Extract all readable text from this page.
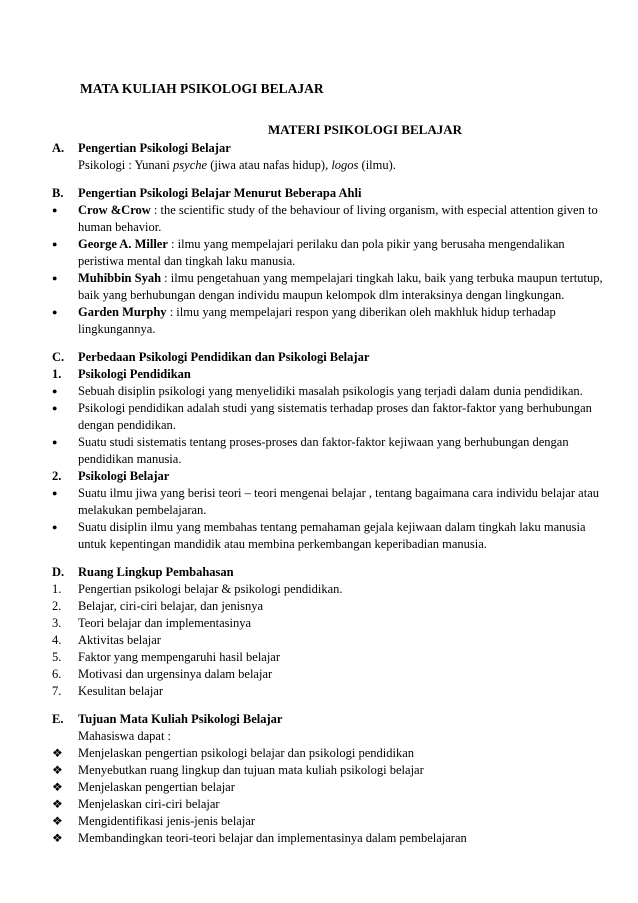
MATA KULIAH PSIKOLOGI BELAJAR
MATERI PSIKOLOGI BELAJAR
A.	Pengertian Psikologi Belajar
Psikologi : Yunani psyche (jiwa atau nafas hidup), logos (ilmu).
B.	Pengertian Psikologi Belajar Menurut Beberapa Ahli
●	Crow &Crow : the scientific study of the behaviour of living organism, with especial attention given to human behavior.
●	George A. Miller : ilmu yang mempelajari perilaku dan pola pikir yang berusaha mengendalikan peristiwa mental dan tingkah laku manusia.
●	Muhibbin Syah : ilmu pengetahuan yang mempelajari tingkah laku, baik yang terbuka maupun tertutup, baik yang berhubungan dengan individu maupun kelompok dlm interaksinya dengan lingkungan.
●	Garden Murphy : ilmu yang mempelajari respon yang diberikan oleh makhluk hidup terhadap lingkungannya.
C.	Perbedaan Psikologi Pendidikan dan Psikologi Belajar
1.	Psikologi Pendidikan
●	Sebuah disiplin psikologi yang menyelidiki masalah psikologis yang terjadi dalam dunia pendidikan.
●	Psikologi pendidikan adalah studi yang sistematis terhadap proses dan faktor-faktor yang berhubungan dengan pendidikan.
●	Suatu studi sistematis tentang proses-proses dan faktor-faktor kejiwaan yang berhubungan dengan pendidikan manusia.
2.	Psikologi Belajar
●	Suatu ilmu jiwa yang berisi teori – teori mengenai belajar , tentang bagaimana cara individu belajar atau melakukan pembelajaran.
●	Suatu disiplin ilmu yang membahas tentang pemahaman gejala kejiwaan dalam tingkah laku manusia untuk kepentingan mandidik atau membina perkembangan keperibadian manusia.
D.	Ruang Lingkup Pembahasan
1.	Pengertian psikologi belajar & psikologi pendidikan.
2.	Belajar, ciri-ciri belajar, dan jenisnya
3.	Teori belajar dan implementasinya
4.	Aktivitas belajar
5.	Faktor yang mempengaruhi hasil belajar
6.	Motivasi dan urgensinya dalam belajar
7.	Kesulitan belajar
E.	Tujuan Mata Kuliah Psikologi Belajar
Mahasiswa dapat :
❖	Menjelaskan pengertian psikologi belajar dan psikologi pendidikan
❖	Menyebutkan ruang lingkup dan tujuan mata kuliah psikologi belajar
❖	Menjelaskan pengertian belajar
❖	Menjelaskan ciri-ciri belajar
❖	Mengidentifikasi jenis-jenis belajar
❖	Membandingkan teori-teori belajar dan implementasinya dalam pembelajaran
